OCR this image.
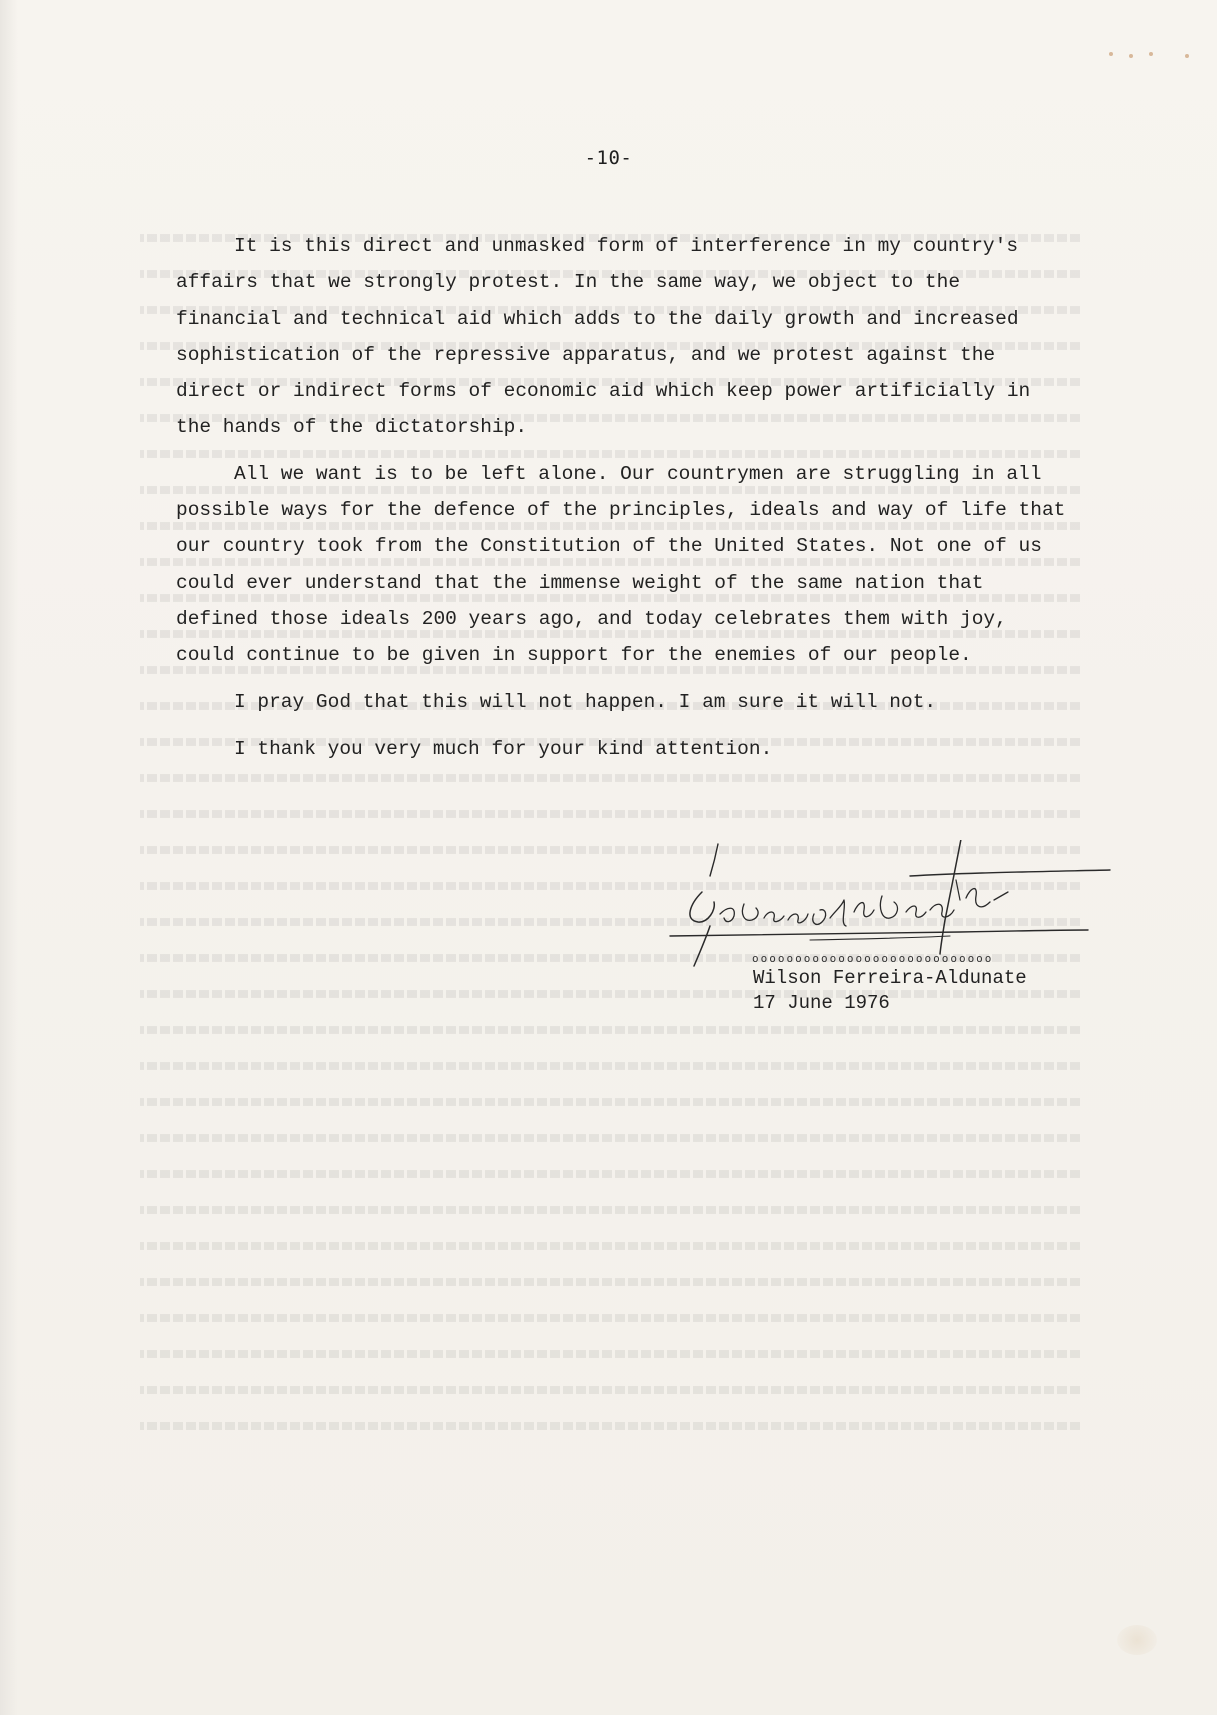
-10-

It is this direct and unmasked form of interference in my country's affairs that we strongly protest. In the same way, we object to the financial and technical aid which adds to the daily growth and increased sophistication of the repressive apparatus, and we protest against the direct or indirect forms of economic aid which keep power artificially in the hands of the dictatorship.

All we want is to be left alone. Our countrymen are struggling in all possible ways for the defence of the principles, ideals and way of life that our country took from the Constitution of the United States. Not one of us could ever understand that the immense weight of the same nation that defined those ideals 200 years ago, and today celebrates them with joy, could continue to be given in support for the enemies of our people.

I pray God that this will not happen. I am sure it will not.

I thank you very much for your kind attention.

oooooooooooooooooooooooooooo
Wilson Ferreira-Aldunate
17 June 1976
